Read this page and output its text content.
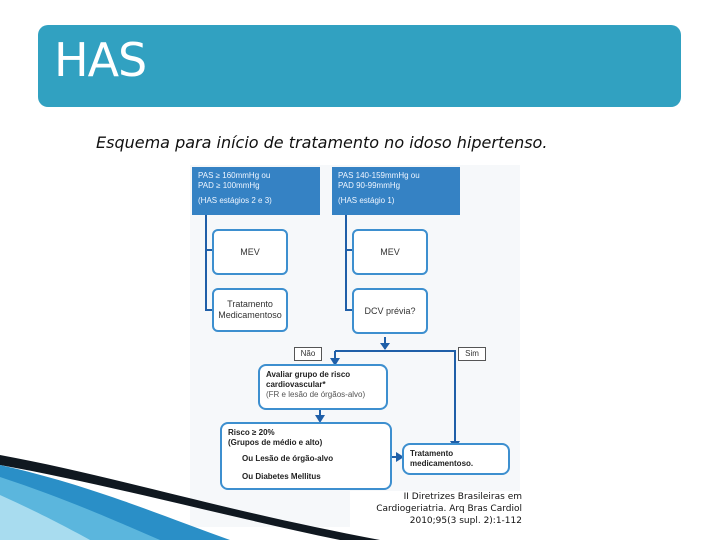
HAS
Esquema para início de tratamento no idoso hipertenso.
PAS ≥ 160mmHg ou
PAD ≥ 100mmHg
(HAS estágios 2 e 3)
PAS 140-159mmHg ou
PAD 90-99mmHg
(HAS estágio 1)
MEV
Tratamento
Medicamentoso
MEV
DCV prévia?
Não	Sim
Avaliar grupo de risco
cardiovascular*
(FR e lesão de órgãos-alvo)
Risco ≥ 20%
(Grupos de médio e alto)
Ou Lesão de órgão-alvo
Ou Diabetes Mellitus
Tratamento
medicamentoso.
II Diretrizes Brasileiras em
Cardiogeriatria. Arq Bras Cardiol
2010;95(3 supl. 2):1-112
